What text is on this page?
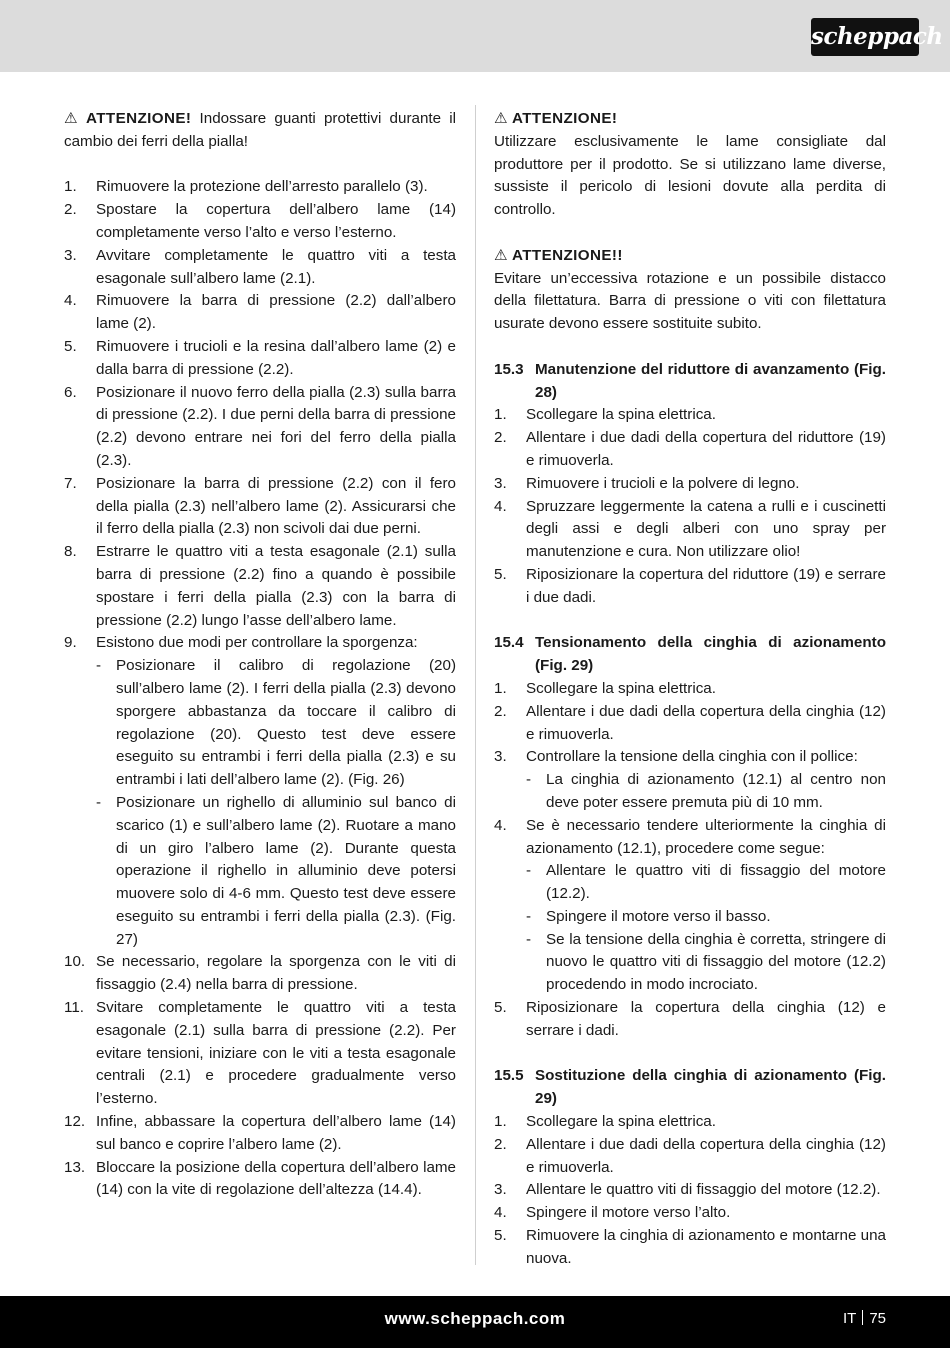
scheppach

⚠ ATTENZIONE! Indossare guanti protettivi durante il cambio dei ferri della pialla!

1. Rimuovere la protezione dell’arresto parallelo (3).
2. Spostare la copertura dell’albero lame (14) completamente verso l’alto e verso l’esterno.
3. Avvitare completamente le quattro viti a testa esagonale sull’albero lame (2.1).
4. Rimuovere la barra di pressione (2.2) dall’albero lame (2).
5. Rimuovere i trucioli e la resina dall’albero lame (2) e dalla barra di pressione (2.2).
6. Posizionare il nuovo ferro della pialla (2.3) sulla barra di pressione (2.2). I due perni della barra di pressione (2.2) devono entrare nei fori del ferro della pialla (2.3).
7. Posizionare la barra di pressione (2.2) con il fero della pialla (2.3) nell’albero lame (2). Assicurarsi che il ferro della pialla (2.3) non scivoli dai due perni.
8. Estrarre le quattro viti a testa esagonale (2.1) sulla barra di pressione (2.2) fino a quando è possibile spostare i ferri della pialla (2.3) con la barra di pressione (2.2) lungo l’asse dell’albero lame.
9. Esistono due modi per controllare la sporgenza:
- Posizionare il calibro di regolazione (20) sull’albero lame (2). I ferri della pialla (2.3) devono sporgere abbastanza da toccare il calibro di regolazione (20). Questo test deve essere eseguito su entrambi i ferri della pialla (2.3) e su entrambi i lati dell’albero lame (2). (Fig. 26)
- Posizionare un righello di alluminio sul banco di scarico (1) e sull’albero lame (2). Ruotare a mano di un giro l’albero lame (2). Durante questa operazione il righello in alluminio deve potersi muovere solo di 4-6 mm. Questo test deve essere eseguito su entrambi i ferri della pialla (2.3). (Fig. 27)
10. Se necessario, regolare la sporgenza con le viti di fissaggio (2.4) nella barra di pressione.
11. Svitare completamente le quattro viti a testa esagonale (2.1) sulla barra di pressione (2.2). Per evitare tensioni, iniziare con le viti a testa esagonale centrali (2.1) e procedere gradualmente verso l’esterno.
12. Infine, abbassare la copertura dell’albero lame (14) sul banco e coprire l’albero lame (2).
13. Bloccare la posizione della copertura dell’albero lame (14) con la vite di regolazione dell’altezza (14.4).

⚠ ATTENZIONE!

Utilizzare esclusivamente le lame consigliate dal produttore per il prodotto. Se si utilizzano lame diverse, sussiste il pericolo di lesioni dovute alla perdita di controllo.

⚠ ATTENZIONE!!

Evitare un’eccessiva rotazione e un possibile distacco della filettatura. Barra di pressione o viti con filettatura usurate devono essere sostituite subito.

15.3 Manutenzione del riduttore di avanzamento (Fig. 28)

1. Scollegare la spina elettrica.
2. Allentare i due dadi della copertura del riduttore (19) e rimuoverla.
3. Rimuovere i trucioli e la polvere di legno.
4. Spruzzare leggermente la catena a rulli e i cuscinetti degli assi e degli alberi con uno spray per manutenzione e cura. Non utilizzare olio!
5. Riposizionare la copertura del riduttore (19) e serrare i due dadi.

15.4 Tensionamento della cinghia di azionamento (Fig. 29)

1. Scollegare la spina elettrica.
2. Allentare i due dadi della copertura della cinghia (12) e rimuoverla.
3. Controllare la tensione della cinghia con il pollice:
- La cinghia di azionamento (12.1) al centro non deve poter essere premuta più di 10 mm.
4. Se è necessario tendere ulteriormente la cinghia di azionamento (12.1), procedere come segue:
- Allentare le quattro viti di fissaggio del motore (12.2).
- Spingere il motore verso il basso.
- Se la tensione della cinghia è corretta, stringere di nuovo le quattro viti di fissaggio del motore (12.2) procedendo in modo incrociato.
5. Riposizionare la copertura della cinghia (12) e serrare i dadi.

15.5 Sostituzione della cinghia di azionamento (Fig. 29)

1. Scollegare la spina elettrica.
2. Allentare i due dadi della copertura della cinghia (12) e rimuoverla.
3. Allentare le quattro viti di fissaggio del motore (12.2).
4. Spingere il motore verso l’alto.
5. Rimuovere la cinghia di azionamento e montarne una nuova.
www.scheppach.com	IT 75
